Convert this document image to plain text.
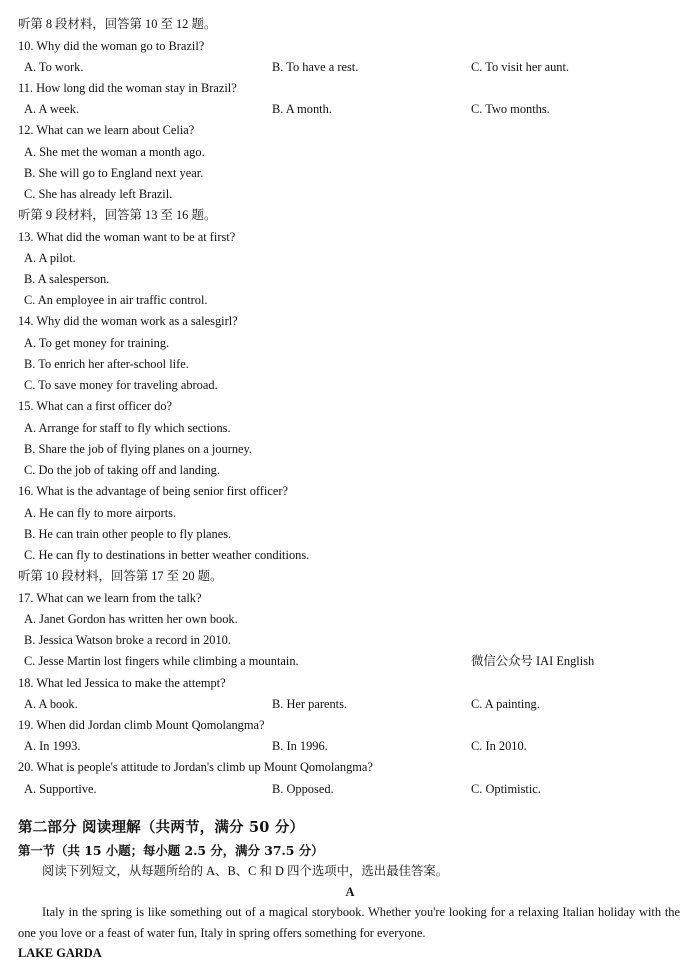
听第 8 段材料，回答第 10 至 12 题。
10. Why did the woman go to Brazil?
A. To work.	B. To have a rest.	C. To visit her aunt.
11. How long did the woman stay in Brazil?
A. A week.	B. A month.	C. Two months.
12. What can we learn about Celia?
A. She met the woman a month ago.
B. She will go to England next year.
C. She has already left Brazil.
听第 9 段材料，回答第 13 至 16 题。
13. What did the woman want to be at first?
A. A pilot.
B. A salesperson.
C. An employee in air traffic control.
14. Why did the woman work as a salesgirl?
A. To get money for training.
B. To enrich her after-school life.
C. To save money for traveling abroad.
15. What can a first officer do?
A. Arrange for staff to fly which sections.
B. Share the job of flying planes on a journey.
C. Do the job of taking off and landing.
16. What is the advantage of being senior first officer?
A. He can fly to more airports.
B. He can train other people to fly planes.
C. He can fly to destinations in better weather conditions.
听第 10 段材料，回答第 17 至 20 题。
17. What can we learn from the talk?
A. Janet Gordon has written her own book.
B. Jessica Watson broke a record in 2010.
C. Jesse Martin lost fingers while climbing a mountain.	微信公众号 IAI English
18. What led Jessica to make the attempt?
A. A book.	B. Her parents.	C. A painting.
19. When did Jordan climb Mount Qomolangma?
A. In 1993.	B. In 1996.	C. In 2010.
20. What is people's attitude to Jordan's climb up Mount Qomolangma?
A. Supportive.	B. Opposed.	C. Optimistic.
第二部分 阅读理解（共两节，满分 50 分）
第一节（共 15 小题；每小题 2.5 分，满分 37.5 分）
阅读下列短文，从每题所给的 A、B、C 和 D 四个选项中，选出最佳答案。
A
Italy in the spring is like something out of a magical storybook. Whether you're looking for a relaxing Italian holiday with the one you love or a feast of water fun, Italy in spring offers something for everyone.
LAKE GARDA
